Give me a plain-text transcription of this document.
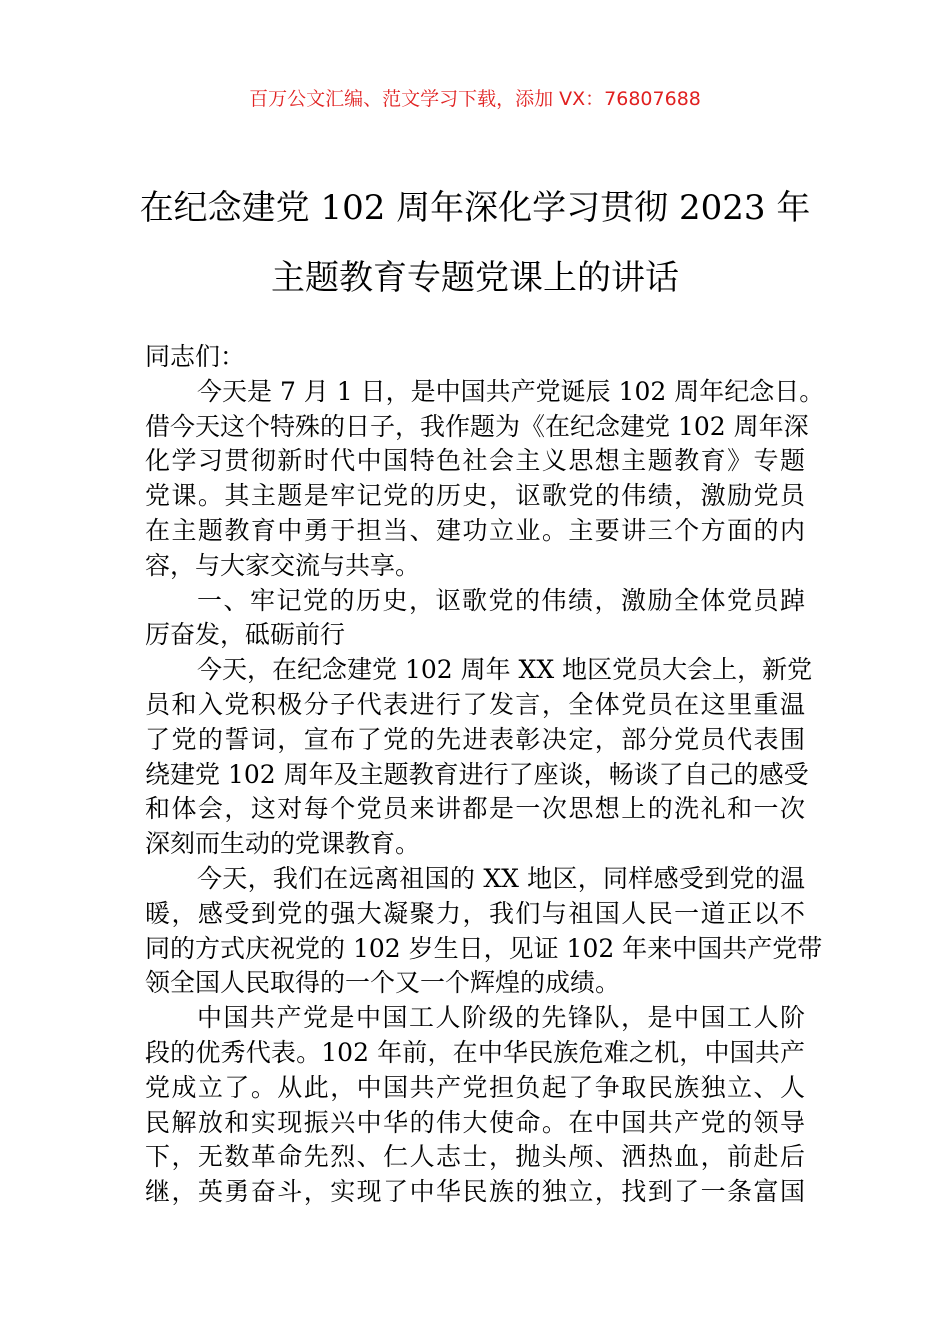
百万公文汇编、范文学习下载，添加 VX：76807688
在纪念建党 102 周年深化学习贯彻 2023 年
主题教育专题党课上的讲话
同志们：
今天是 7 月 1 日，是中国共产党诞辰 102 周年纪念日。
借今天这个特殊的日子，我作题为《在纪念建党 102 周年深
化学习贯彻新时代中国特色社会主义思想主题教育》专题
党课。其主题是牢记党的历史，讴歌党的伟绩，激励党员
在主题教育中勇于担当、建功立业。主要讲三个方面的内
容，与大家交流与共享。
一、牢记党的历史，讴歌党的伟绩，激励全体党员踔
厉奋发，砥砺前行
今天，在纪念建党 102 周年 XX 地区党员大会上，新党
员和入党积极分子代表进行了发言，全体党员在这里重温
了党的誓词，宣布了党的先进表彰决定，部分党员代表围
绕建党 102 周年及主题教育进行了座谈，畅谈了自己的感受
和体会，这对每个党员来讲都是一次思想上的洗礼和一次
深刻而生动的党课教育。
今天，我们在远离祖国的 XX 地区，同样感受到党的温
暖，感受到党的强大凝聚力，我们与祖国人民一道正以不
同的方式庆祝党的 102 岁生日，见证 102 年来中国共产党带
领全国人民取得的一个又一个辉煌的成绩。
中国共产党是中国工人阶级的先锋队，是中国工人阶
段的优秀代表。102 年前，在中华民族危难之机，中国共产
党成立了。从此，中国共产党担负起了争取民族独立、人
民解放和实现振兴中华的伟大使命。在中国共产党的领导
下，无数革命先烈、仁人志士，抛头颅、洒热血，前赴后
继，英勇奋斗，实现了中华民族的独立，找到了一条富国
